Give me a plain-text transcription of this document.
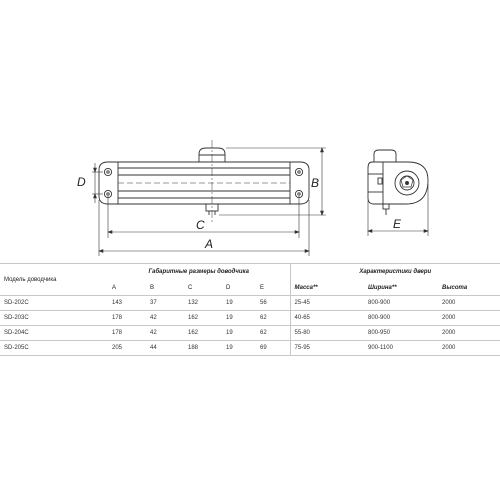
D	B
C
A
E
Модель доводчика	Габаритные размеры доводчика					Характеристики двери		
	A	B	C	D	E	Масса**	Ширина**	Высота
SD-202C	143	37	132	19	56	25-45	800-900	2000
SD-203C	178	42	162	19	62	40-65	800-900	2000
SD-204C	178	42	162	19	62	55-80	800-950	2000
SD-205C	205	44	188	19	69	75-95	900-1100	2000
